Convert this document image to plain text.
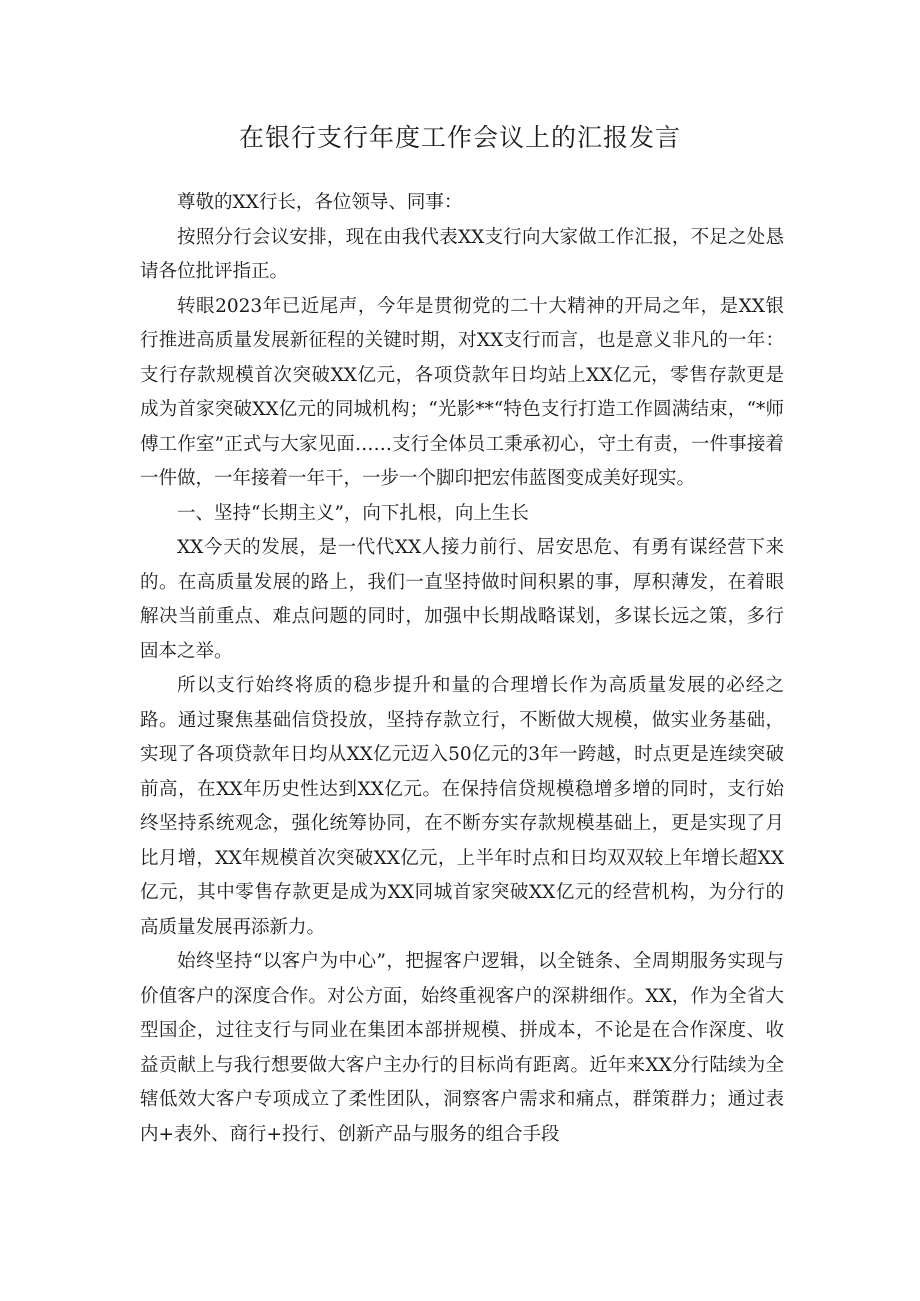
在银行支行年度工作会议上的汇报发言

尊敬的XX行长，各位领导、同事：

按照分行会议安排，现在由我代表XX支行向大家做工作汇报，不足之处恳请各位批评指正。

转眼2023年已近尾声，今年是贯彻党的二十大精神的开局之年，是XX银行推进高质量发展新征程的关键时期，对XX支行而言，也是意义非凡的一年：支行存款规模首次突破XX亿元，各项贷款年日均站上XX亿元，零售存款更是成为首家突破XX亿元的同城机构；“光影**“特色支行打造工作圆满结束，“*师傅工作室”正式与大家见面……支行全体员工秉承初心，守土有责，一件事接着一件做，一年接着一年干，一步一个脚印把宏伟蓝图变成美好现实。

一、坚持“长期主义”，向下扎根，向上生长

XX今天的发展，是一代代XX人接力前行、居安思危、有勇有谋经营下来的。在高质量发展的路上，我们一直坚持做时间积累的事，厚积薄发，在着眼解决当前重点、难点问题的同时，加强中长期战略谋划，多谋长远之策，多行固本之举。

所以支行始终将质的稳步提升和量的合理增长作为高质量发展的必经之路。通过聚焦基础信贷投放，坚持存款立行，不断做大规模，做实业务基础，实现了各项贷款年日均从XX亿元迈入50亿元的3年一跨越，时点更是连续突破前高，在XX年历史性达到XX亿元。在保持信贷规模稳增多增的同时，支行始终坚持系统观念，强化统筹协同，在不断夯实存款规模基础上，更是实现了月比月增，XX年规模首次突破XX亿元，上半年时点和日均双双较上年增长超XX亿元，其中零售存款更是成为XX同城首家突破XX亿元的经营机构，为分行的高质量发展再添新力。

始终坚持“以客户为中心”，把握客户逻辑，以全链条、全周期服务实现与价值客户的深度合作。对公方面，始终重视客户的深耕细作。XX，作为全省大型国企，过往支行与同业在集团本部拼规模、拼成本，不论是在合作深度、收益贡献上与我行想要做大客户主办行的目标尚有距离。近年来XX分行陆续为全辖低效大客户专项成立了柔性团队，洞察客户需求和痛点，群策群力；通过表内+表外、商行+投行、创新产品与服务的组合手段
